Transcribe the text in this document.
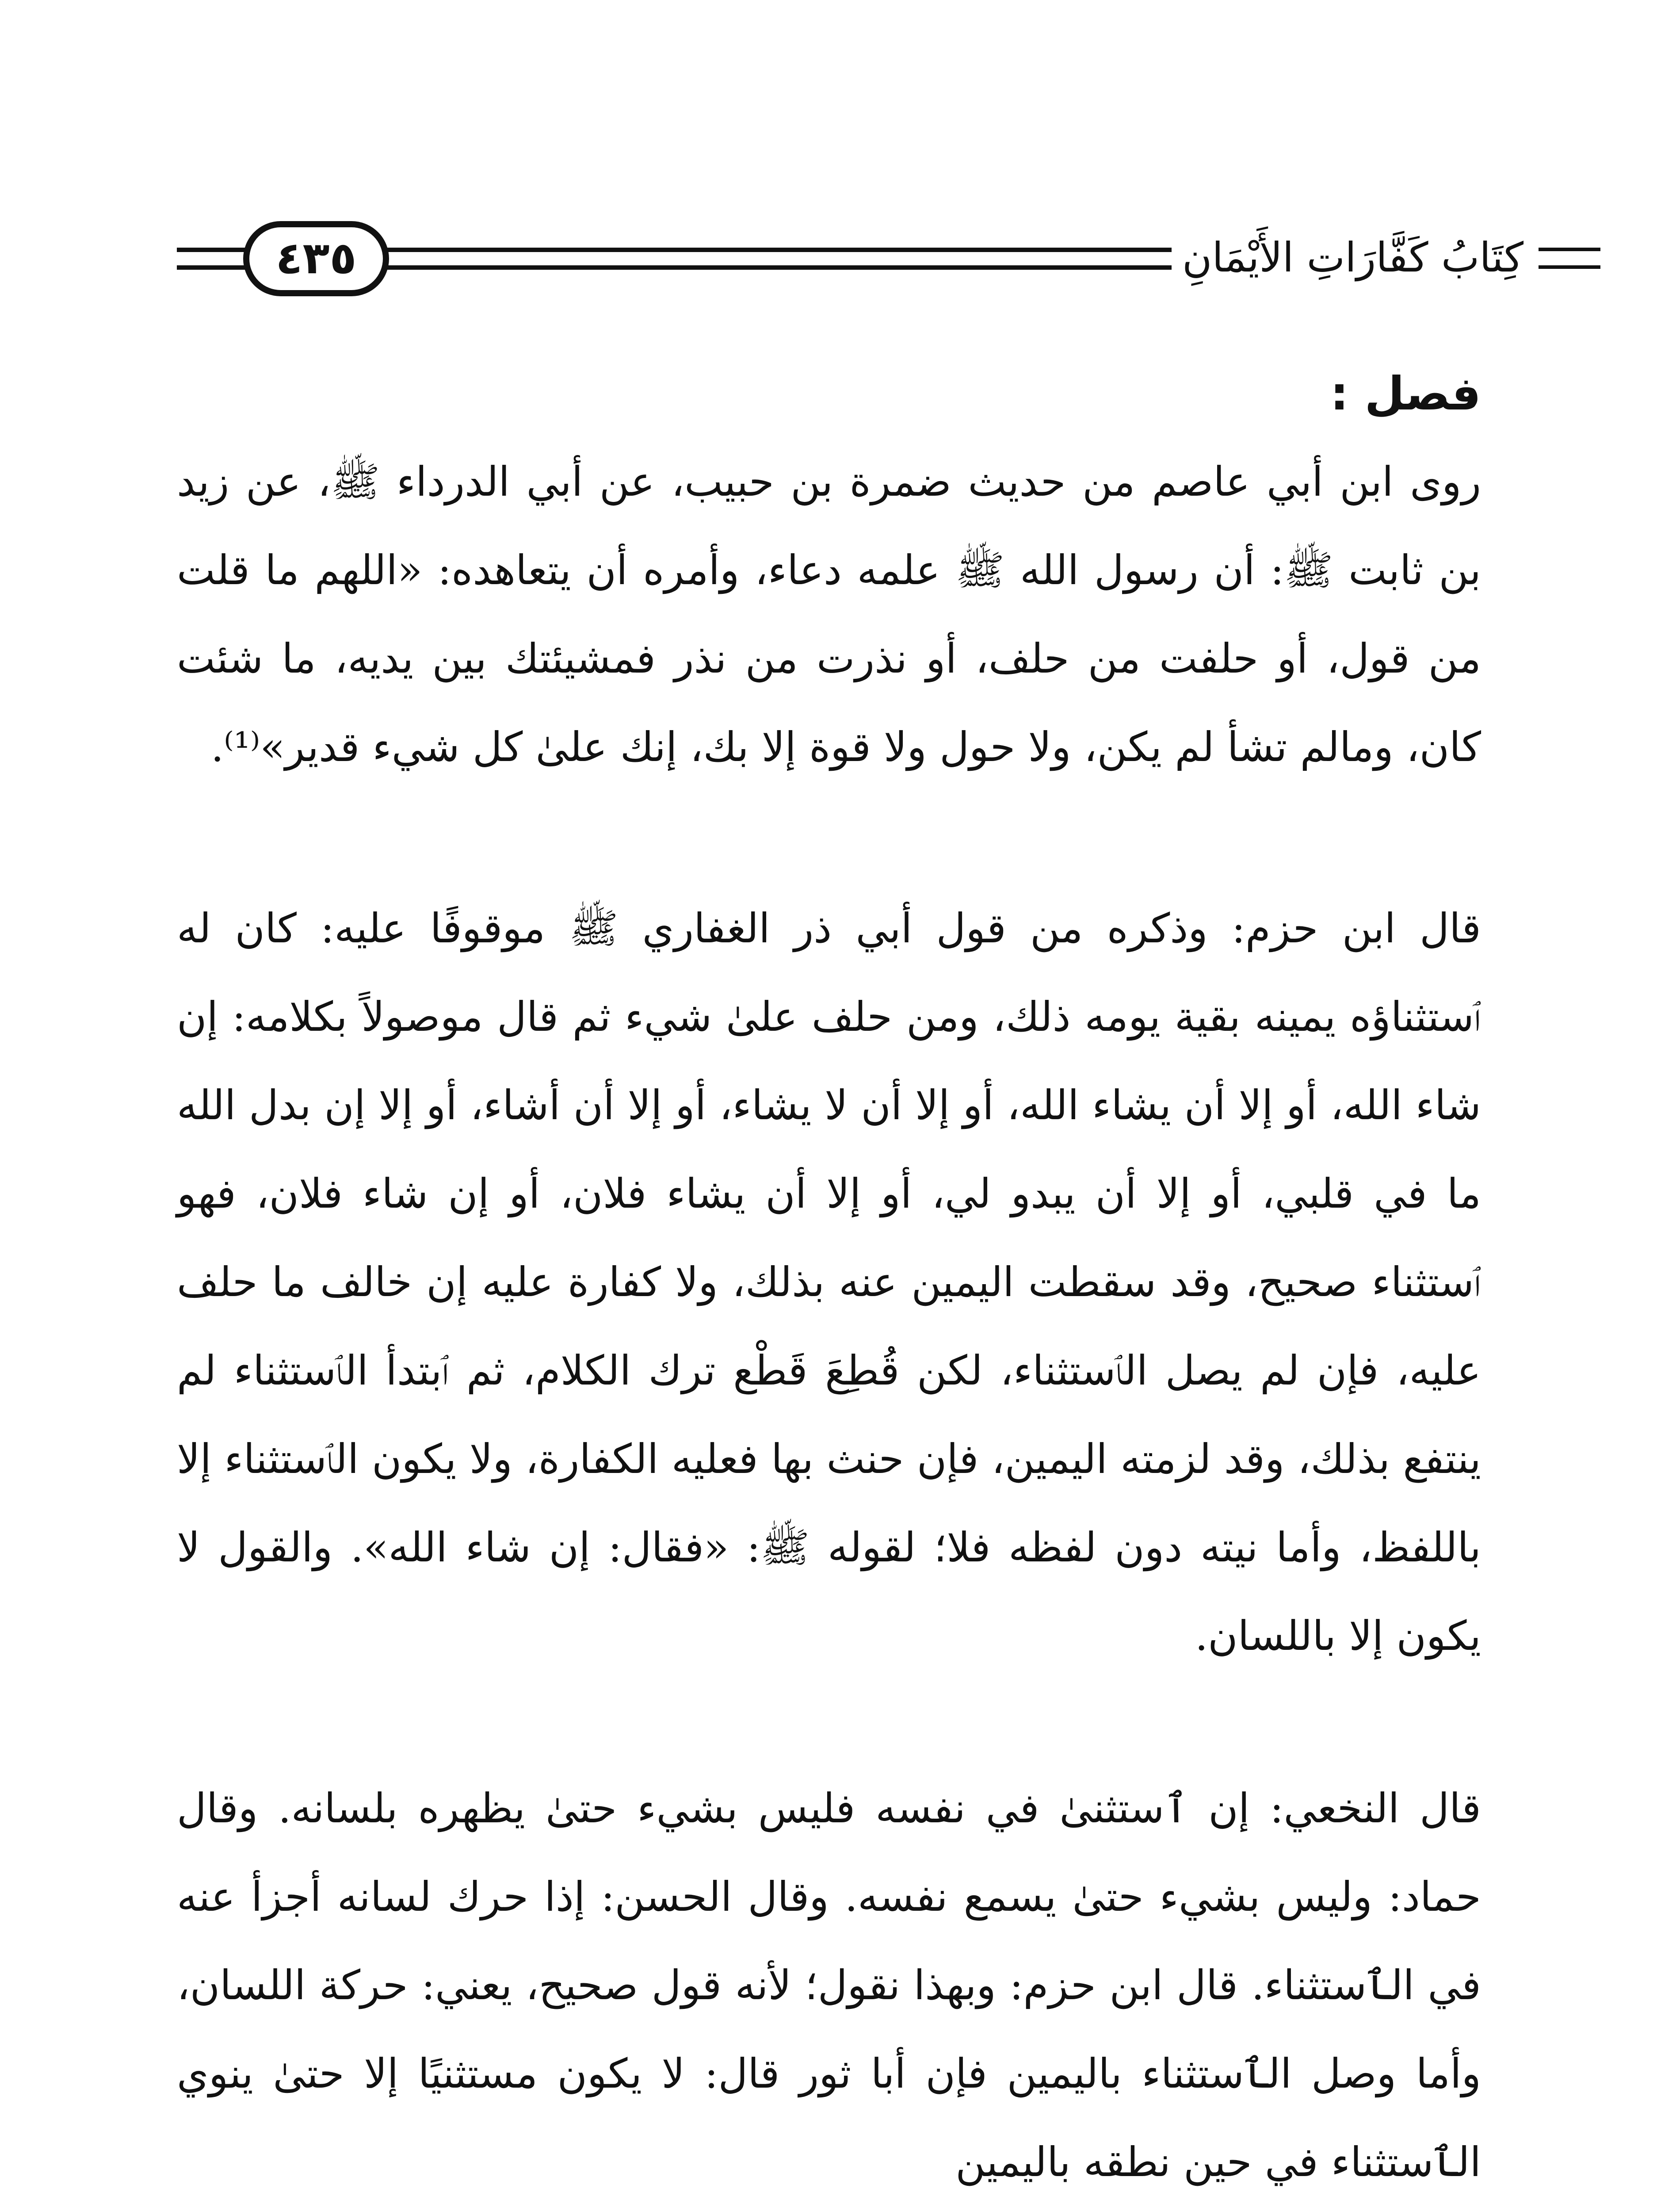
٤٣٥	كِتَابُ كَفَّارَاتِ الأَيْمَانِ
فصل :
روى ابن أبي عاصم من حديث ضمرة بن حبيب، عن أبي الدرداء ﷺ، عن زيد بن ثابت ﷺ: أن رسول الله ﷺ علمه دعاء، وأمره أن يتعاهده: «اللهم ما قلت من قول، أو حلفت من حلف، أو نذرت من نذر فمشيئتك بين يديه، ما شئت كان، ومالم تشأ لم يكن، ولا حول ولا قوة إلا بك، إنك علىٰ كل شيء قدير»⁽¹⁾.
قال ابن حزم: وذكره من قول أبي ذر الغفاري ﷺ موقوفًا عليه: كان له ٱستثناؤه يمينه بقية يومه ذلك، ومن حلف علىٰ شيء ثم قال موصولاً بكلامه: إن شاء الله، أو إلا أن يشاء الله، أو إلا أن لا يشاء، أو إلا أن أشاء، أو إلا إن بدل الله ما في قلبي، أو إلا أن يبدو لي، أو إلا أن يشاء فلان، أو إن شاء فلان، فهو ٱستثناء صحيح، وقد سقطت اليمين عنه بذلك، ولا كفارة عليه إن خالف ما حلف عليه، فإن لم يصل الٱستثناء، لكن قُطِعَ قَطْع ترك الكلام، ثم ٱبتدأ الٱستثناء لم ينتفع بذلك، وقد لزمته اليمين، فإن حنث بها فعليه الكفارة، ولا يكون الٱستثناء إلا باللفظ، وأما نيته دون لفظه فلا؛ لقوله ﷺ: «فقال: إن شاء الله». والقول لا يكون إلا باللسان.
قال النخعي: إن ٱستثنىٰ في نفسه فليس بشيء حتىٰ يظهره بلسانه. وقال حماد: وليس بشيء حتىٰ يسمع نفسه. وقال الحسن: إذا حرك لسانه أجزأ عنه في الٱستثناء. قال ابن حزم: وبهذا نقول؛ لأنه قول صحيح، يعني: حركة اللسان، وأما وصل الٱستثناء باليمين فإن أبا ثور قال: لا يكون مستثنيًا إلا حتىٰ ينوي الٱستثناء في حين نطقه باليمين
